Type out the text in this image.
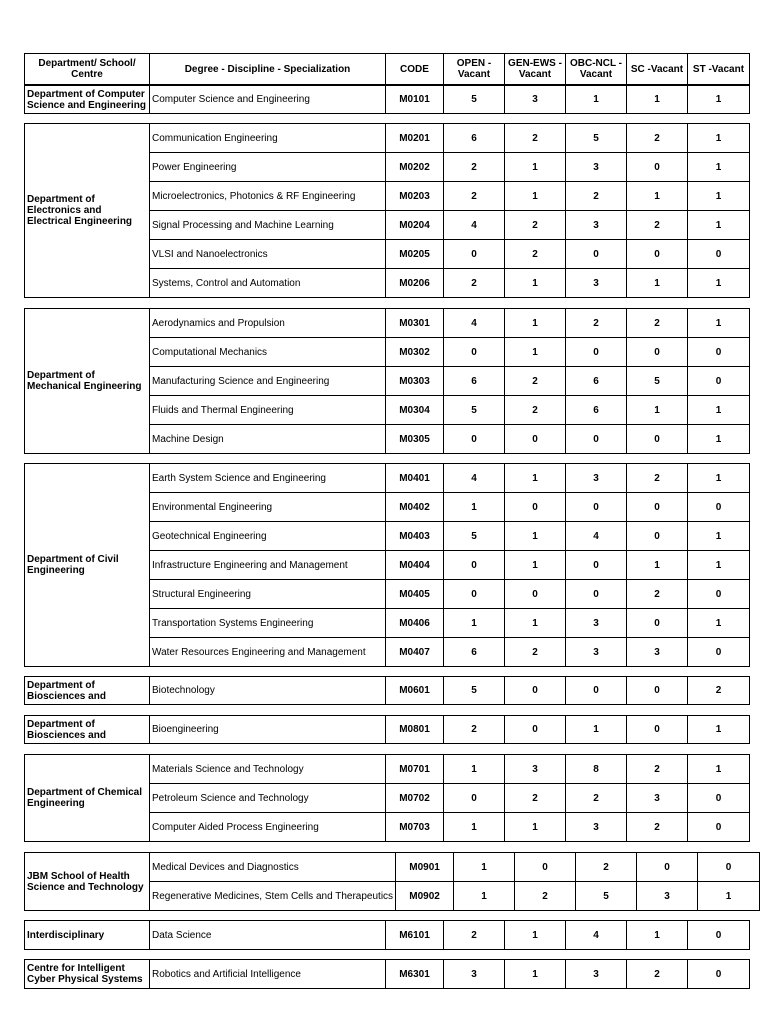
Department/ School/ Centre	Degree - Discipline - Specialization	CODE	OPEN - Vacant	GEN-EWS - Vacant	OBC-NCL - Vacant	SC -Vacant	ST -Vacant
Department of Computer Science and Engineering	Computer Science and Engineering	M0101	5	3	1	1	1
Department of Electronics and Electrical Engineering	Communication Engineering	M0201	6	2	5	2	1
	Power Engineering	M0202	2	1	3	0	1
	Microelectronics, Photonics & RF Engineering	M0203	2	1	2	1	1
	Signal Processing and Machine Learning	M0204	4	2	3	2	1
	VLSI and Nanoelectronics	M0205	0	2	0	0	0
	Systems, Control and Automation	M0206	2	1	3	1	1
Department of Mechanical Engineering	Aerodynamics and Propulsion	M0301	4	1	2	2	1
	Computational Mechanics	M0302	0	1	0	0	0
	Manufacturing Science and Engineering	M0303	6	2	6	5	0
	Fluids and Thermal Engineering	M0304	5	2	6	1	1
	Machine Design	M0305	0	0	0	0	1
Department of Civil Engineering	Earth System Science and Engineering	M0401	4	1	3	2	1
	Environmental Engineering	M0402	1	0	0	0	0
	Geotechnical Engineering	M0403	5	1	4	0	1
	Infrastructure Engineering and Management	M0404	0	1	0	1	1
	Structural Engineering	M0405	0	0	0	2	0
	Transportation Systems Engineering	M0406	1	1	3	0	1
	Water Resources Engineering and Management	M0407	6	2	3	3	0
Department of Biosciences and	Biotechnology	M0601	5	0	0	0	2
Department of Biosciences and	Bioengineering	M0801	2	0	1	0	1
Department of Chemical Engineering	Materials Science and Technology	M0701	1	3	8	2	1
	Petroleum Science and Technology	M0702	0	2	2	3	0
	Computer Aided Process Engineering	M0703	1	1	3	2	0
JBM School of Health Science and Technology	Medical Devices and Diagnostics	M0901	1	0	2	0	0
	Regenerative Medicines, Stem Cells and Therapeutics	M0902	1	2	5	3	1
Interdisciplinary	Data Science	M6101	2	1	4	1	0
Centre for Intelligent Cyber Physical Systems	Robotics and Artificial Intelligence	M6301	3	1	3	2	0
